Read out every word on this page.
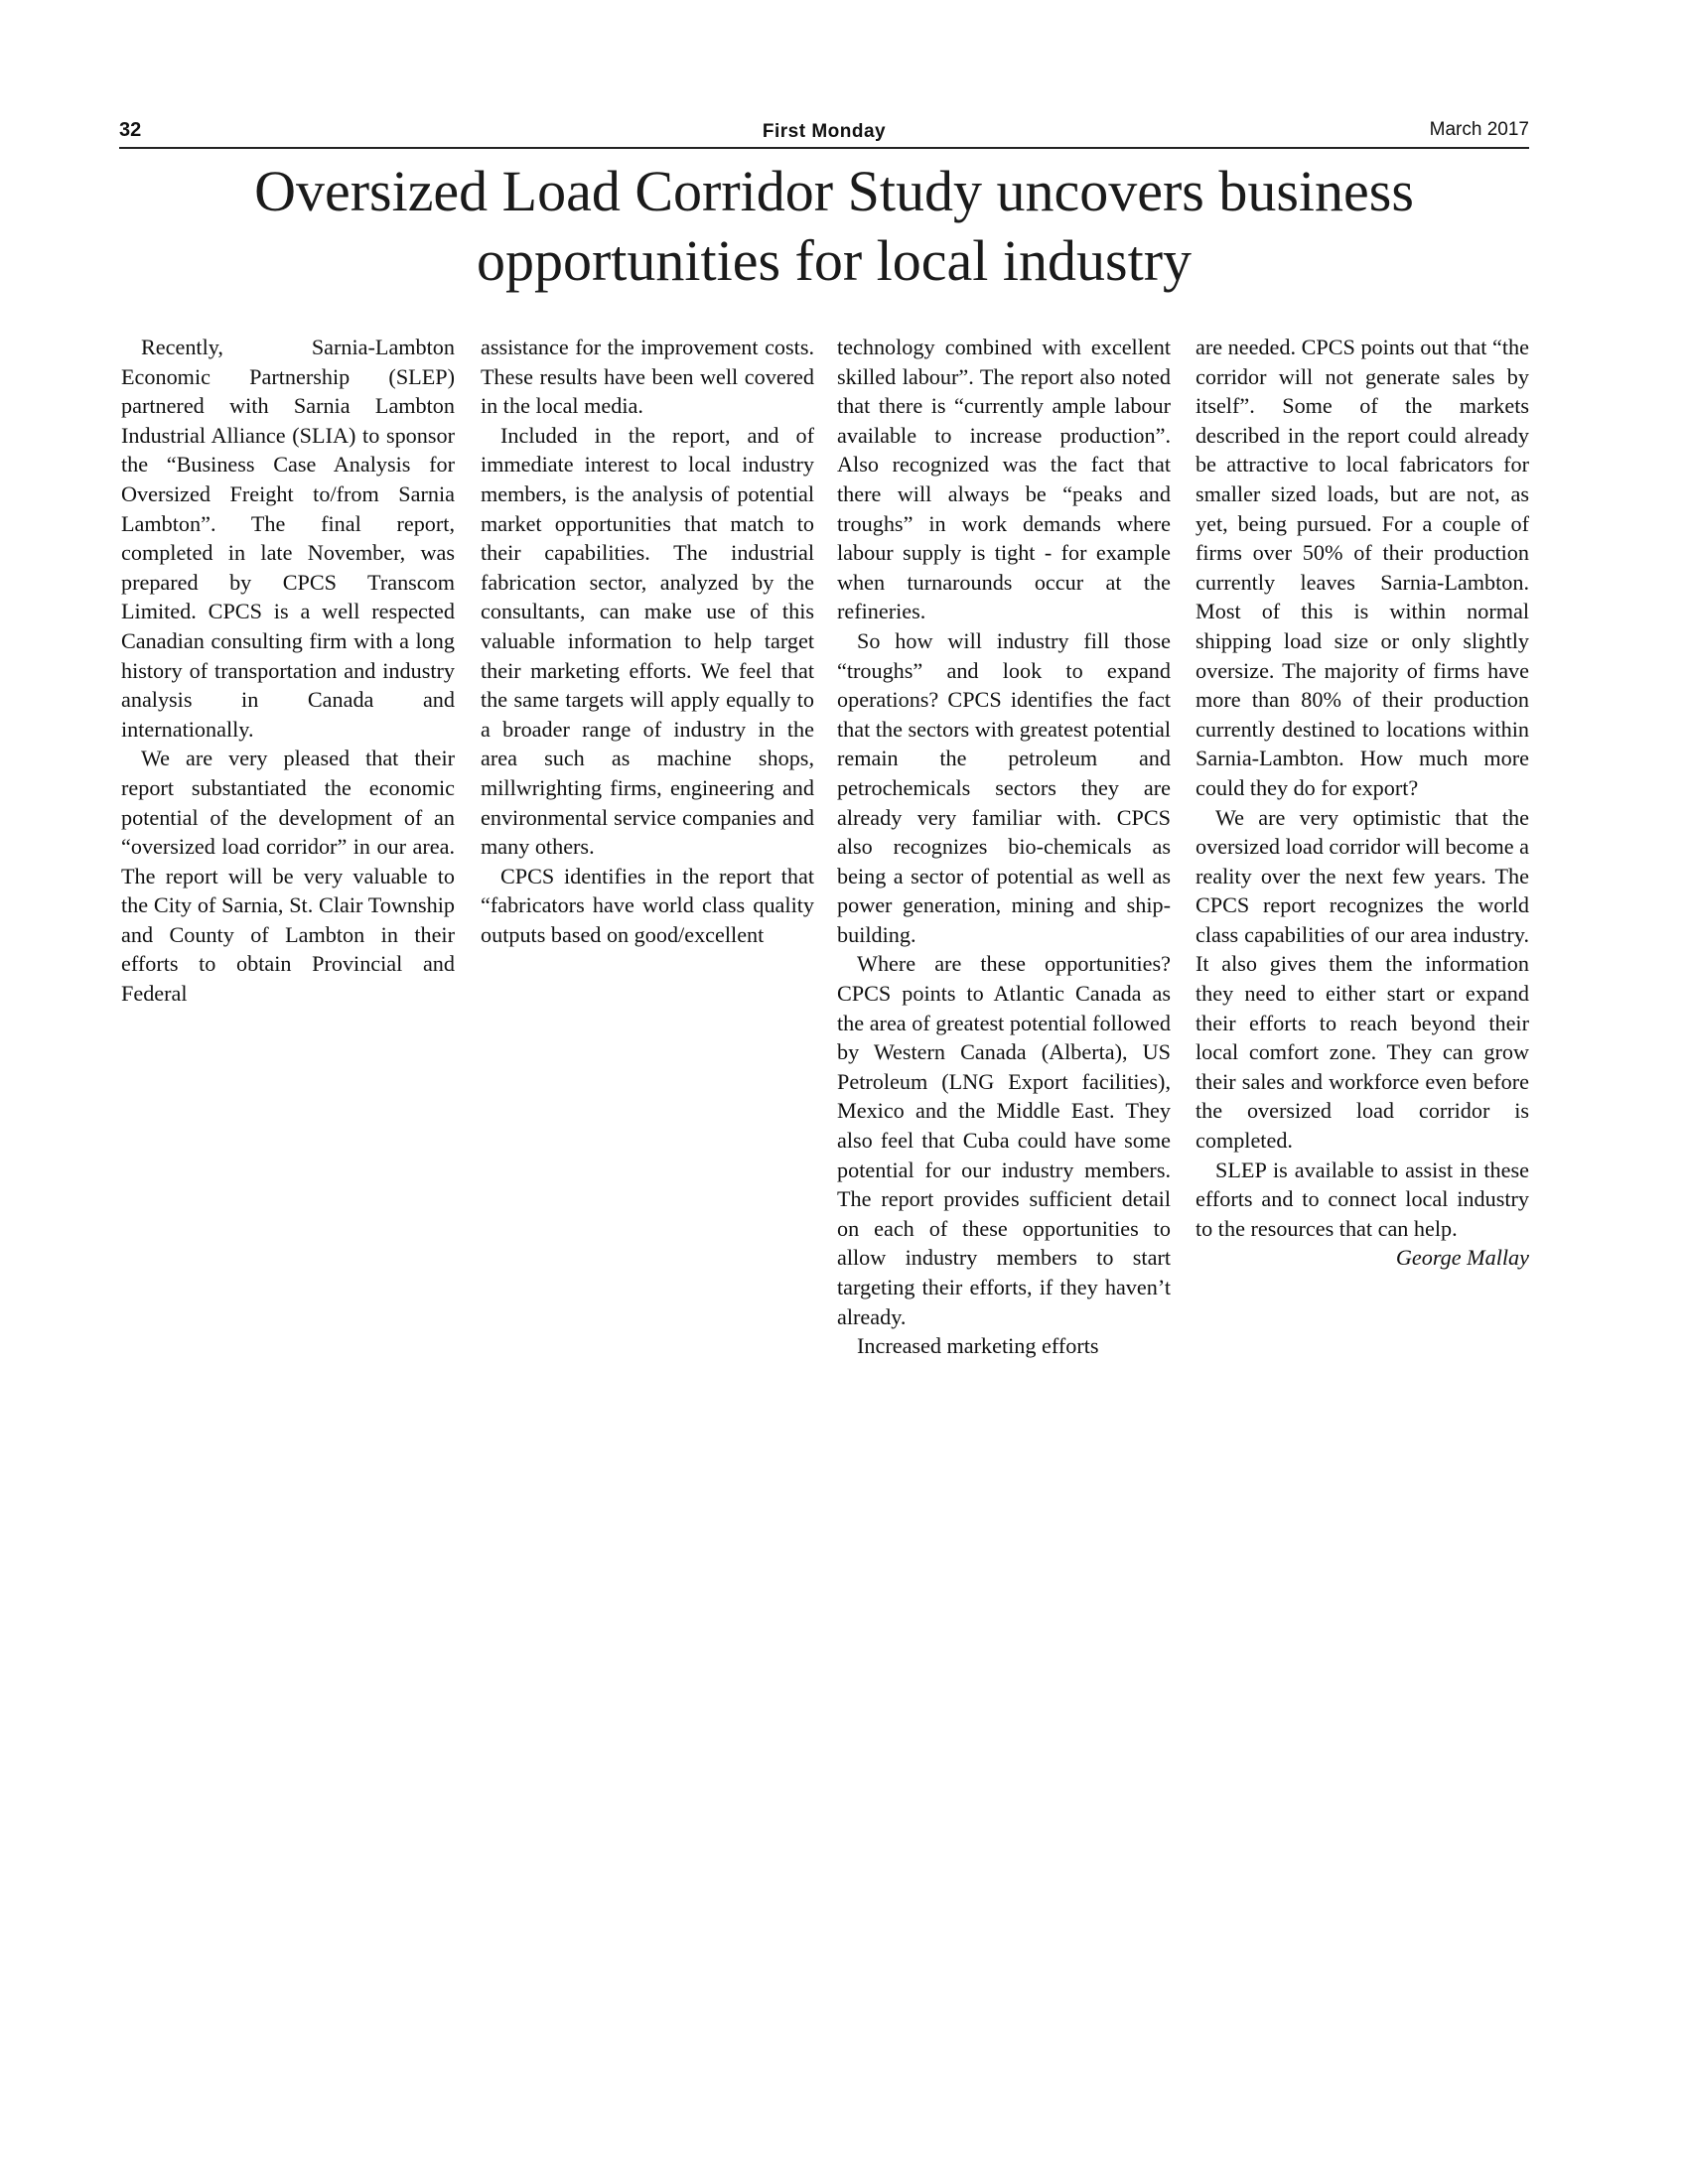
32	First Monday	March 2017
Oversized Load Corridor Study uncovers business
opportunities for local industry

Recently, Sarnia-Lambton Economic Partnership (SLEP) partnered with Sarnia Lambton Industrial Alliance (SLIA) to sponsor the “Business Case Analysis for Oversized Freight to/from Sarnia Lambton”. The final report, completed in late November, was prepared by CPCS Transcom Limited. CPCS is a well respected Canadian consulting firm with a long history of transportation and industry analysis in Canada and internationally.

We are very pleased that their report substantiated the economic potential of the development of an “oversized load corridor” in our area. The report will be very valuable to the City of Sarnia, St. Clair Township and County of Lambton in their efforts to obtain Provincial and Federal

assistance for the improvement costs. These results have been well covered in the local media.

Included in the report, and of immediate interest to local industry members, is the analysis of potential market opportunities that match to their capabilities. The industrial fabrication sector, analyzed by the consultants, can make use of this valuable information to help target their marketing efforts. We feel that the same targets will apply equally to a broader range of industry in the area such as machine shops, millwrighting firms, engineering and environmental service companies and many others.

CPCS identifies in the report that “fabricators have world class quality outputs based on good/excellent

technology combined with excellent skilled labour”. The report also noted that there is “currently ample labour available to increase production”. Also recognized was the fact that there will always be “peaks and troughs” in work demands where labour supply is tight - for example when turnarounds occur at the refineries.

So how will industry fill those “troughs” and look to expand operations? CPCS identifies the fact that the sectors with greatest potential remain the petroleum and petrochemicals sectors they are already very familiar with. CPCS also recognizes bio-chemicals as being a sector of potential as well as power generation, mining and ship-building.

Where are these opportunities? CPCS points to Atlantic Canada as the area of greatest potential followed by Western Canada (Alberta), US Petroleum (LNG Export facilities), Mexico and the Middle East. They also feel that Cuba could have some potential for our industry members. The report provides sufficient detail on each of these opportunities to allow industry members to start targeting their efforts, if they haven’t already.

Increased marketing efforts

are needed. CPCS points out that “the corridor will not generate sales by itself”. Some of the markets described in the report could already be attractive to local fabricators for smaller sized loads, but are not, as yet, being pursued. For a couple of firms over 50% of their production currently leaves Sarnia-Lambton. Most of this is within normal shipping load size or only slightly oversize. The majority of firms have more than 80% of their production currently destined to locations within Sarnia-Lambton. How much more could they do for export?

We are very optimistic that the oversized load corridor will become a reality over the next few years. The CPCS report recognizes the world class capabilities of our area industry. It also gives them the information they need to either start or expand their efforts to reach beyond their local comfort zone. They can grow their sales and workforce even before the oversized load corridor is completed.

SLEP is available to assist in these efforts and to connect local industry to the resources that can help.

George Mallay
